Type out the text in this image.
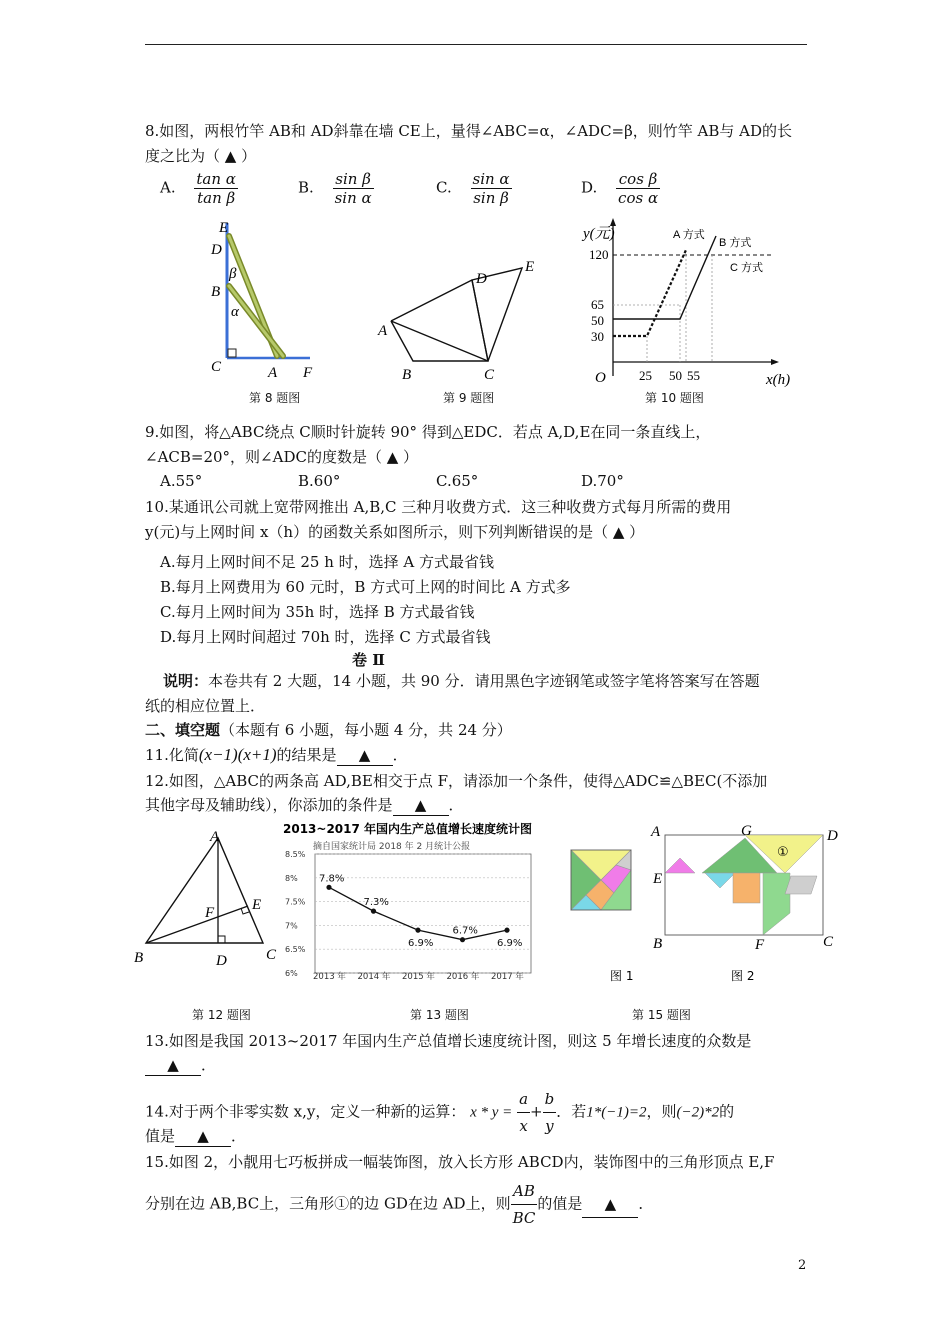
8.如图，两根竹竿 AB和 AD斜靠在墙 CE上，量得∠ABC=α，∠ADC=β，则竹竿 AB与 AD的长
度之比为（ ▲ ）
A. $\frac{\text{tan α}}{\text{tan β}}$	B. $\frac{\text{sin β}}{\text{sin α}}$	C. $\frac{\text{sin α}}{\text{sin β}}$	D. $\frac{\text{cos β}}{\text{cos α}}$
E
D
β
B
α
C	A F
第 8 题图
A
B	C
D
E
第 9 题图
y(元)
x(h)
O
120
65
50
30
25 50 55
A 方式
B 方式
C 方式
第 10 题图
9.如图，将△ABC绕点 C顺时针旋转 90° 得到△EDC．若点 A,D,E在同一条直线上，
∠ACB=20°，则∠ADC的度数是（ ▲ ）
A.55°	B.60°	C.65°	D.70°
10.某通讯公司就上宽带网推出 A,B,C 三种月收费方式．这三种收费方式每月所需的费用
y(元)与上网时间 x（h）的函数关系如图所示，则下列判断错误的是（ ▲ ）
A.每月上网时间不足 25 h 时，选择 A 方式最省钱
B.每月上网费用为 60 元时，B 方式可上网的时间比 A 方式多
C.每月上网时间为 35h 时，选择 B 方式最省钱
D.每月上网时间超过 70h 时，选择 C 方式最省钱
卷 Ⅱ
说明：本卷共有 2 大题，14 小题，共 90 分．请用黑色字迹钢笔或签字笔将答案写在答题
纸的相应位置上．
二、填空题（本题有 6 小题，每小题 4 分，共 24 分）
11.化简(x−1)(x+1)的结果是 ▲ ．
12.如图，△ABC的两条高 AD,BE相交于点 F，请添加一个条件，使得△ADC≌△BEC(不添加
其他字母及辅助线），你添加的条件是 ▲ ．
A
B	C
D
E
F
第 12 题图
2013~2017 年国内生产总值增长速度统计图
摘自国家统计局 2018 年 2 月统计公报
8.5%
8%
7.5%
7%
6.5%
6%
7.8%
7.3%
6.9%
6.7%
6.9%
2013 年 2014 年 2015 年 2016 年 2017 年
第 13 题图
①
A	G	D
E
B	F	C
图 1	图 2
第 15 题图
13.如图是我国 2013~2017 年国内生产总值增长速度统计图，则这 5 年增长速度的众数是
▲ ．
14.对于两个非零实数 x,y，定义一种新的运算： $x * y = \frac{a}{x} + \frac{b}{y}$ ．若1*(−1)=2，则(−2)*2的
值是 ▲ ．
15.如图 2，小靓用七巧板拼成一幅装饰图，放入长方形 ABCD内，装饰图中的三角形顶点 E,F
分别在边 AB,BC上，三角形①的边 GD在边 AD上，则 $\frac{AB}{BC}$ 的值是 ▲ ．
2
